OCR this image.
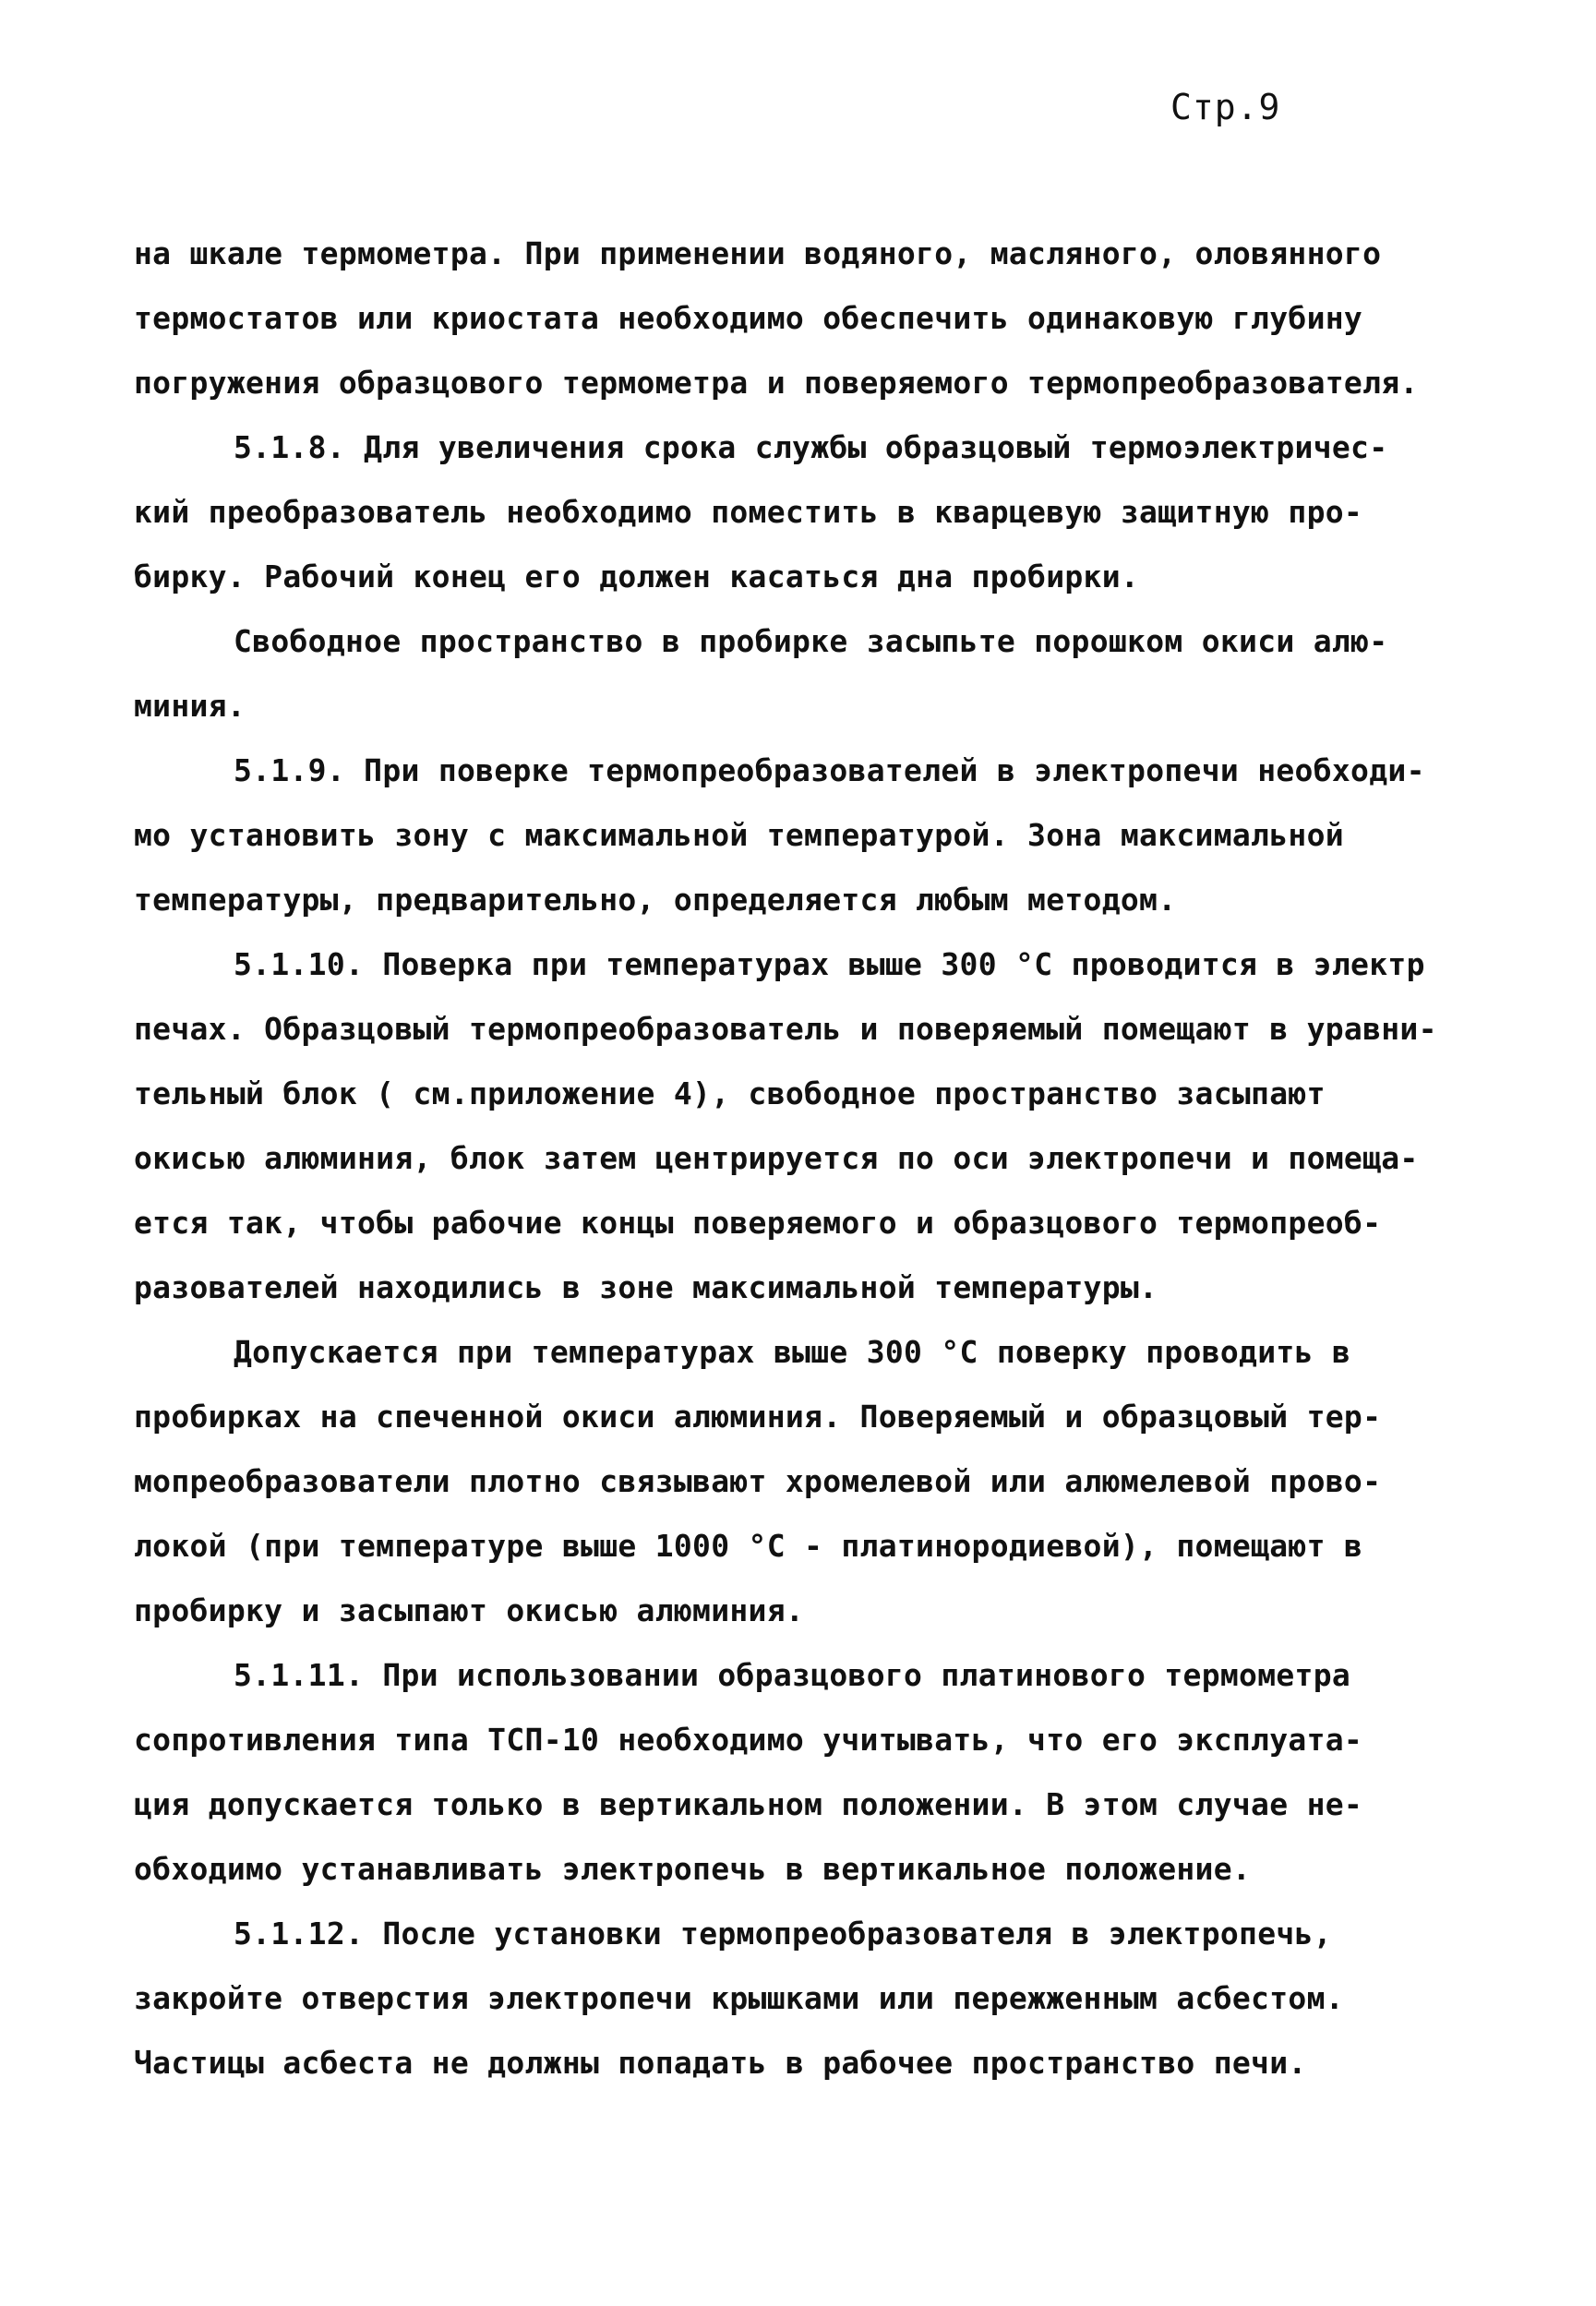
Стр.9
на шкале термометра. При применении водяного, масляного, оловянного
термостатов или криостата необходимо обеспечить одинаковую глубину
погружения образцового термометра и поверяемого термопреобразователя.
5.1.8. Для увеличения срока службы образцовый термоэлектричес-
кий преобразователь необходимо поместить в кварцевую защитную про-
бирку. Рабочий конец его должен касаться дна пробирки.
Свободное пространство в пробирке засыпьте порошком окиси алю-
миния.
5.1.9. При поверке термопреобразователей в электропечи необходи-
мо установить зону с максимальной температурой. Зона максимальной
температуры, предварительно, определяется любым методом.
5.1.10. Поверка при температурах выше 300 °С проводится в электр
печах. Образцовый термопреобразователь и поверяемый помещают в уравни-
тельный блок ( см.приложение 4), свободное пространство засыпают
окисью алюминия, блок затем центрируется по оси электропечи и помеща-
ется так, чтобы рабочие концы поверяемого и образцового термопреоб-
разователей находились в зоне максимальной температуры.
Допускается при температурах выше 300 °С поверку проводить в
пробирках на спеченной окиси алюминия. Поверяемый и образцовый тер-
мопреобразователи плотно связывают хромелевой или алюмелевой прово-
локой (при температуре выше 1000 °С - платинородиевой), помещают в
пробирку и засыпают окисью алюминия.
5.1.11. При использовании образцового платинового термометра
сопротивления типа ТСП-10 необходимо учитывать, что его эксплуата-
ция допускается только в вертикальном положении. В этом случае не-
обходимо устанавливать электропечь в вертикальное положение.
5.1.12. После установки термопреобразователя в электропечь,
закройте отверстия электропечи крышками или пережженным асбестом.
Частицы асбеста не должны попадать в рабочее пространство печи.
